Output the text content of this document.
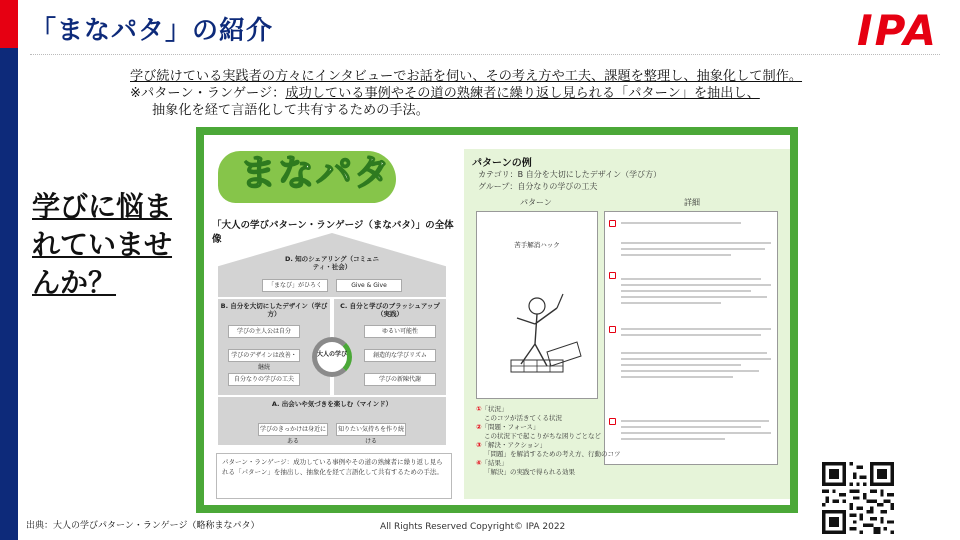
「まなパタ」の紹介	IPA
学び続けている実践者の方々にインタビューでお話を伺い、その考え方や工夫、課題を整理し、抽象化して制作。
※パターン・ランゲージ：成功している事例やその道の熟練者に繰り返し見られる「パターン」を抽出し、
抽象化を経て言語化して共有するための手法。
学びに悩まれていませんか？
まなパタ
「大人の学びパターン・ランゲージ（まなパタ）」の全体像
D. 知のシェアリング（コミュニティ・社会）
「まなび」がひろく	Give & Give
B. 自分を大切にしたデザイン（学び方）
学びの主人公は自分
学びのデザインは改善・継続
自分なりの学びの工夫
C. 自分と学びのブラッシュアップ（実践）
ゆるい可能性
創造的な学びリズム
学びの新陳代謝
大人の学び
A. 出会いや気づきを楽しむ（マインド）
学びのきっかけは身近にある
知りたい気持ちを作り続ける
パターン・ランゲージ：成功している事例やその道の熟練者に繰り返し見られる「パターン」を抽出し、抽象化を経て言語化して共有するための手法。
パターンの例
カテゴリ：B 自分を大切にしたデザイン（学び方）
グループ：自分なりの学びの工夫
パターン	詳細
苦手解消ハック
①「状況」
このコツが活きてくる状況
②「問題・フォース」
この状況下で起こりがちな困りごとなど
③「解決・アクション」
「問題」を解消するための考え方、行動のコツ
④「結果」
「解決」の実践で得られる効果
出典：大人の学びパターン・ランゲージ（略称まなパタ）	All Rights Reserved Copyright© IPA 2022
